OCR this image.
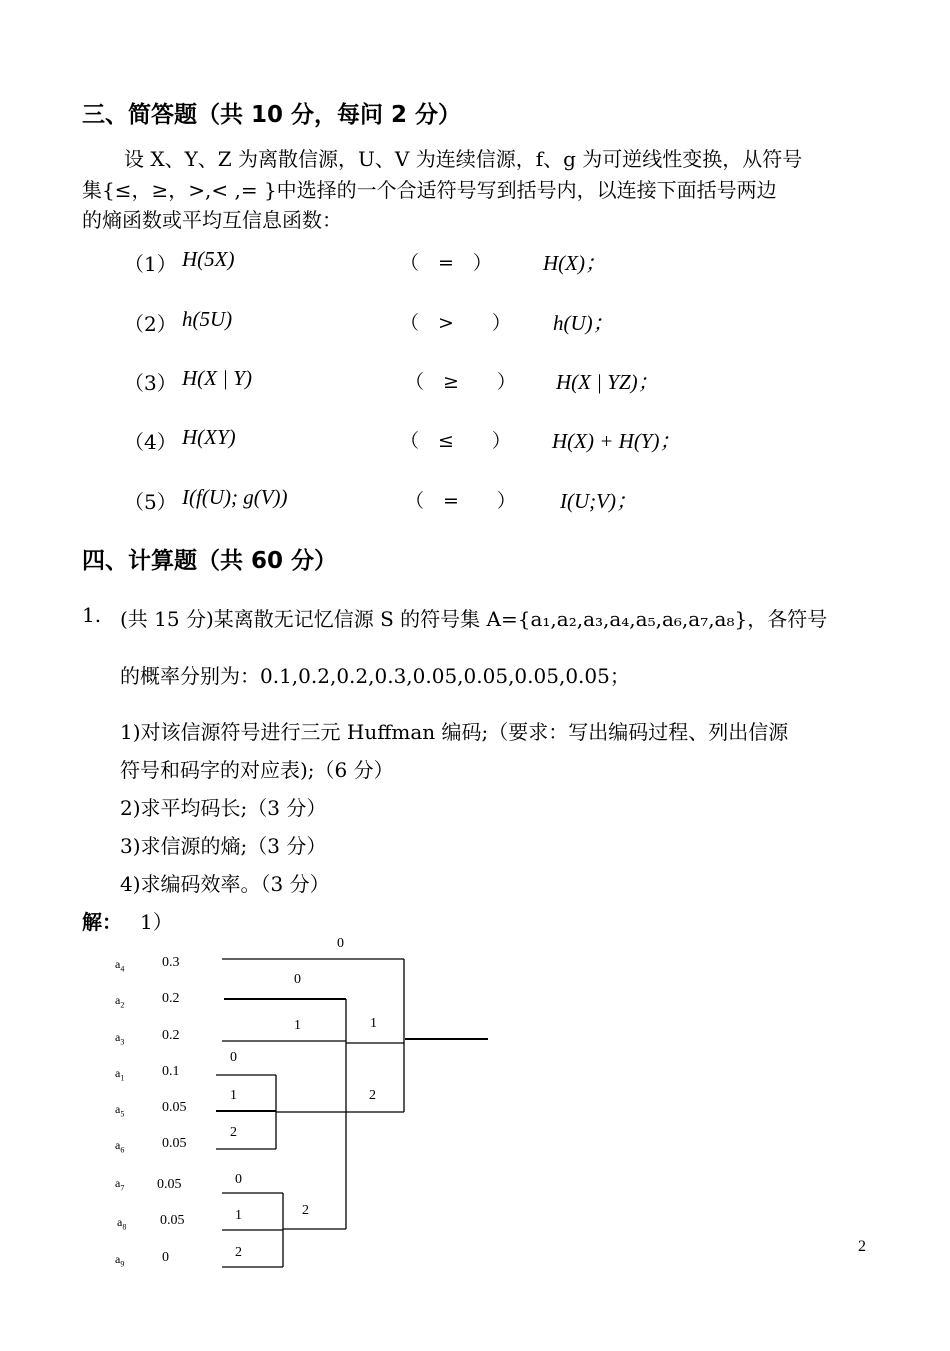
三、简答题（共 10 分，每问 2 分）
设 X、Y、Z 为离散信源，U、V 为连续信源，f、g 为可逆线性变换，从符号
集{≤，≥，>,< ,= }中选择的一个合适符号写到括号内，以连接下面括号两边
的熵函数或平均互信息函数：
（1） H(5X)	（　=　） H(X)；
（2） h(5U)	（　>　　） h(U)；
（3） H(X | Y)	（　≥　　） H(X | YZ)；
（4） H(XY)	（　≤　　） H(X) + H(Y)；
（5） I(f(U); g(V))	（　=　　） I(U;V)；
四、计算题（共 60 分）
1. (共 15 分)某离散无记忆信源 S 的符号集 A={a₁,a₂,a₃,a₄,a₅,a₆,a₇,a₈}，各符号
的概率分别为：0.1,0.2,0.2,0.3,0.05,0.05,0.05,0.05；
1)对该信源符号进行三元 Huffman 编码;（要求：写出编码过程、列出信源
符号和码字的对应表);（6 分）
2)求平均码长;（3 分）
3)求信源的熵;（3 分）
4)求编码效率。（3 分）
解： 1）
$a_4$	0.3
$a_2$	0.2
$a_3$	0.2
$a_1$	0.1
$a_5$	0.05
$a_6$	0.05
$a_7$ 0.05
$a_8$ 0.05
$a_9$	0
0
0
1	1
2
0
1
2
0
1
2
2
2
